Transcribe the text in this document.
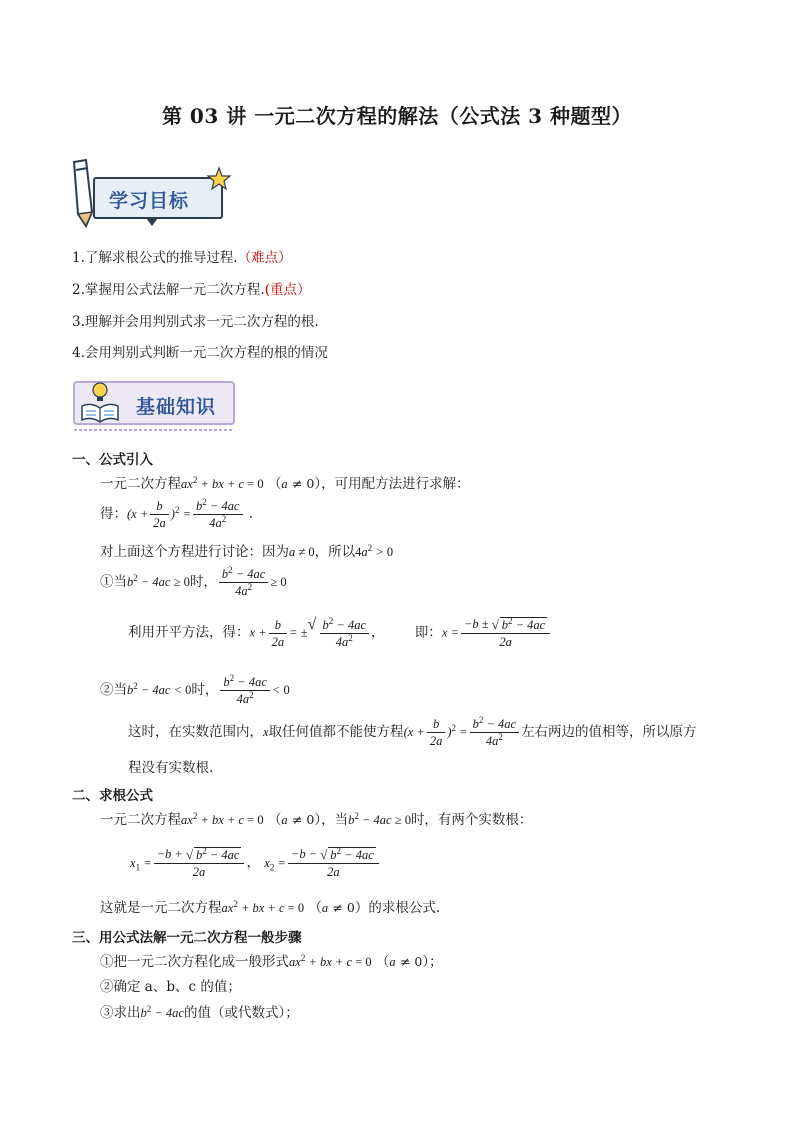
第 03 讲 一元二次方程的解法（公式法 3 种题型）
学习目标
1.了解求根公式的推导过程.（难点）
2.掌握用公式法解一元二次方程.(重点）
3.理解并会用判别式求一元二次方程的根.
4.会用判别式判断一元二次方程的根的情况
基础知识
一、公式引入
一元二次方程$ax^2$ + bx + c = 0 （a ≠ 0），可用配方法进行求解：
得：$(x + \frac{b}{2a} )^2 = \frac{b^2 - 4ac}{4a^2}$ .
对上面这个方程进行讨论：因为a ≠ 0，所以$4a^2 > 0$
①当$b^2 - 4ac \ge 0$时， $\frac{b^2 - 4ac}{4a^2} \ge 0$
利用开平方法，得：$x + \frac{b}{2a}$ = ± √ $\frac{b^2 - 4ac}{4a^2}$ ， 即：$x = \frac{-b \pm √ b^2 - 4ac}{2a}$
②当$b^2 - 4ac < 0$时， $\frac{b^2 - 4ac}{4a^2} < 0$
这时，在实数范围内，x取任何值都不能使方程$(x + \frac{b}{2a} )^2 = \frac{b^2 - 4ac}{4a^2}$ 左右两边的值相等，所以原方
程没有实数根.
二、求根公式
一元二次方程$ax^2$ + bx + c = 0 （a ≠ 0），当$b^2 - 4ac \ge 0$时，有两个实数根：
$x_1 = \frac{-b + √ b^2 - 4ac}{2a}$ ， $x_2 = \frac{-b - √ b^2 - 4ac}{2a}$
这就是一元二次方程$ax^2$ + bx + c = 0 （a ≠ 0）的求根公式.
三、用公式法解一元二次方程一般步骤
①把一元二次方程化成一般形式$ax^2$ + bx + c = 0 （a ≠ 0）；
②确定 a、b、c 的值；
③求出$b^2 - 4ac$的值（或代数式）；
